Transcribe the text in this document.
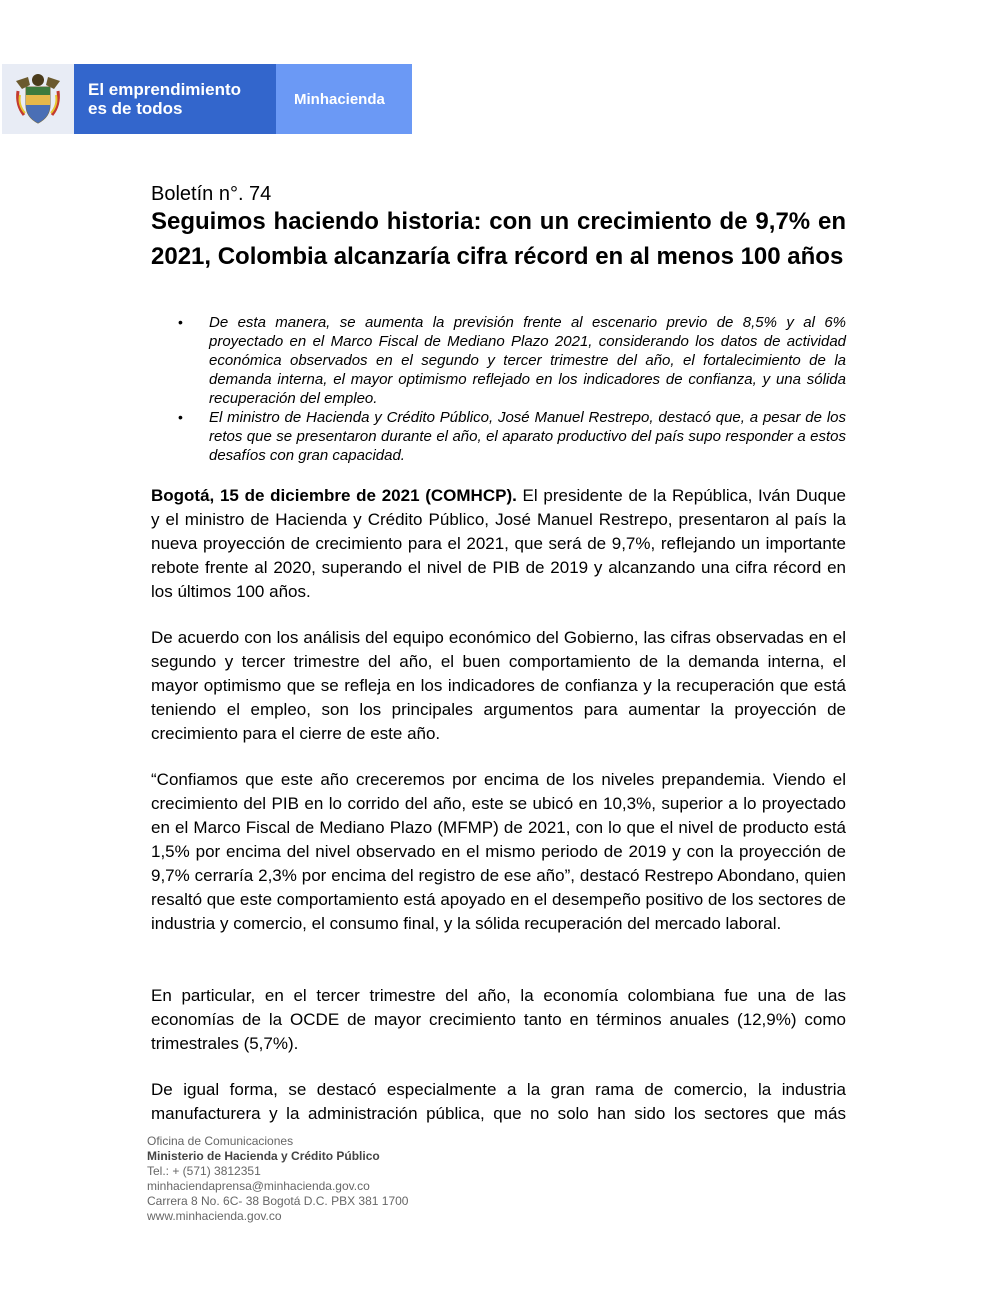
El emprendimiento
es de todos	Minhacienda
Boletín n°. 74
Seguimos haciendo historia: con un crecimiento de 9,7% en 2021, Colombia alcanzaría cifra récord en al menos 100 años
• De esta manera, se aumenta la previsión frente al escenario previo de 8,5% y al 6% proyectado en el Marco Fiscal de Mediano Plazo 2021, considerando los datos de actividad económica observados en el segundo y tercer trimestre del año, el fortalecimiento de la demanda interna, el mayor optimismo reflejado en los indicadores de confianza, y una sólida recuperación del empleo.
• El ministro de Hacienda y Crédito Público, José Manuel Restrepo, destacó que, a pesar de los retos que se presentaron durante el año, el aparato productivo del país supo responder a estos desafíos con gran capacidad.

Bogotá, 15 de diciembre de 2021 (COMHCP). El presidente de la República, Iván Duque y el ministro de Hacienda y Crédito Público, José Manuel Restrepo, presentaron al país la nueva proyección de crecimiento para el 2021, que será de 9,7%, reflejando un importante rebote frente al 2020, superando el nivel de PIB de 2019 y alcanzando una cifra récord en los últimos 100 años.

De acuerdo con los análisis del equipo económico del Gobierno, las cifras observadas en el segundo y tercer trimestre del año, el buen comportamiento de la demanda interna, el mayor optimismo que se refleja en los indicadores de confianza y la recuperación que está teniendo el empleo, son los principales argumentos para aumentar la proyección de crecimiento para el cierre de este año.

“Confiamos que este año creceremos por encima de los niveles prepandemia. Viendo el crecimiento del PIB en lo corrido del año, este se ubicó en 10,3%, superior a lo proyectado en el Marco Fiscal de Mediano Plazo (MFMP) de 2021, con lo que el nivel de producto está 1,5% por encima del nivel observado en el mismo periodo de 2019 y con la proyección de 9,7% cerraría 2,3% por encima del registro de ese año”, destacó Restrepo Abondano, quien resaltó que este comportamiento está apoyado en el desempeño positivo de los sectores de industria y comercio, el consumo final, y la sólida recuperación del mercado laboral.

En particular, en el tercer trimestre del año, la economía colombiana fue una de las economías de la OCDE de mayor crecimiento tanto en términos anuales (12,9%) como trimestrales (5,7%).

De igual forma, se destacó especialmente a la gran rama de comercio, la industria manufacturera y la administración pública, que no solo han sido los sectores que más

Oficina de Comunicaciones
Ministerio de Hacienda y Crédito Público
Tel.: + (571) 3812351
minhaciendaprensa@minhacienda.gov.co
Carrera 8 No. 6C- 38 Bogotá D.C. PBX 381 1700
www.minhacienda.gov.co
